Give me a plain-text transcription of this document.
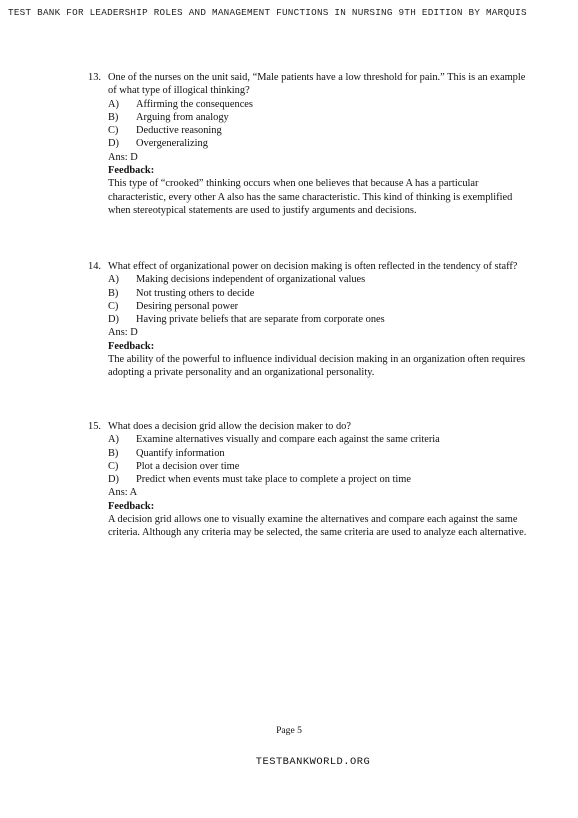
TEST BANK FOR LEADERSHIP ROLES AND MANAGEMENT FUNCTIONS IN NURSING 9TH EDITION BY MARQUIS
13. One of the nurses on the unit said, “Male patients have a low threshold for pain.” This is an example of what type of illogical thinking?
A)	Affirming the consequences
B)	Arguing from analogy
C)	Deductive reasoning
D)	Overgeneralizing
Ans: D
Feedback:
This type of “crooked” thinking occurs when one believes that because A has a particular characteristic, every other A also has the same characteristic. This kind of thinking is exemplified when stereotypical statements are used to justify arguments and decisions.
14. What effect of organizational power on decision making is often reflected in the tendency of staff?
A)	Making decisions independent of organizational values
B)	Not trusting others to decide
C)	Desiring personal power
D)	Having private beliefs that are separate from corporate ones
Ans: D
Feedback:
The ability of the powerful to influence individual decision making in an organization often requires adopting a private personality and an organizational personality.
15. What does a decision grid allow the decision maker to do?
A)	Examine alternatives visually and compare each against the same criteria
B)	Quantify information
C)	Plot a decision over time
D)	Predict when events must take place to complete a project on time
Ans: A
Feedback:
A decision grid allows one to visually examine the alternatives and compare each against the same criteria. Although any criteria may be selected, the same criteria are used to analyze each alternative.
Page 5
TESTBANKWORLD.ORG
